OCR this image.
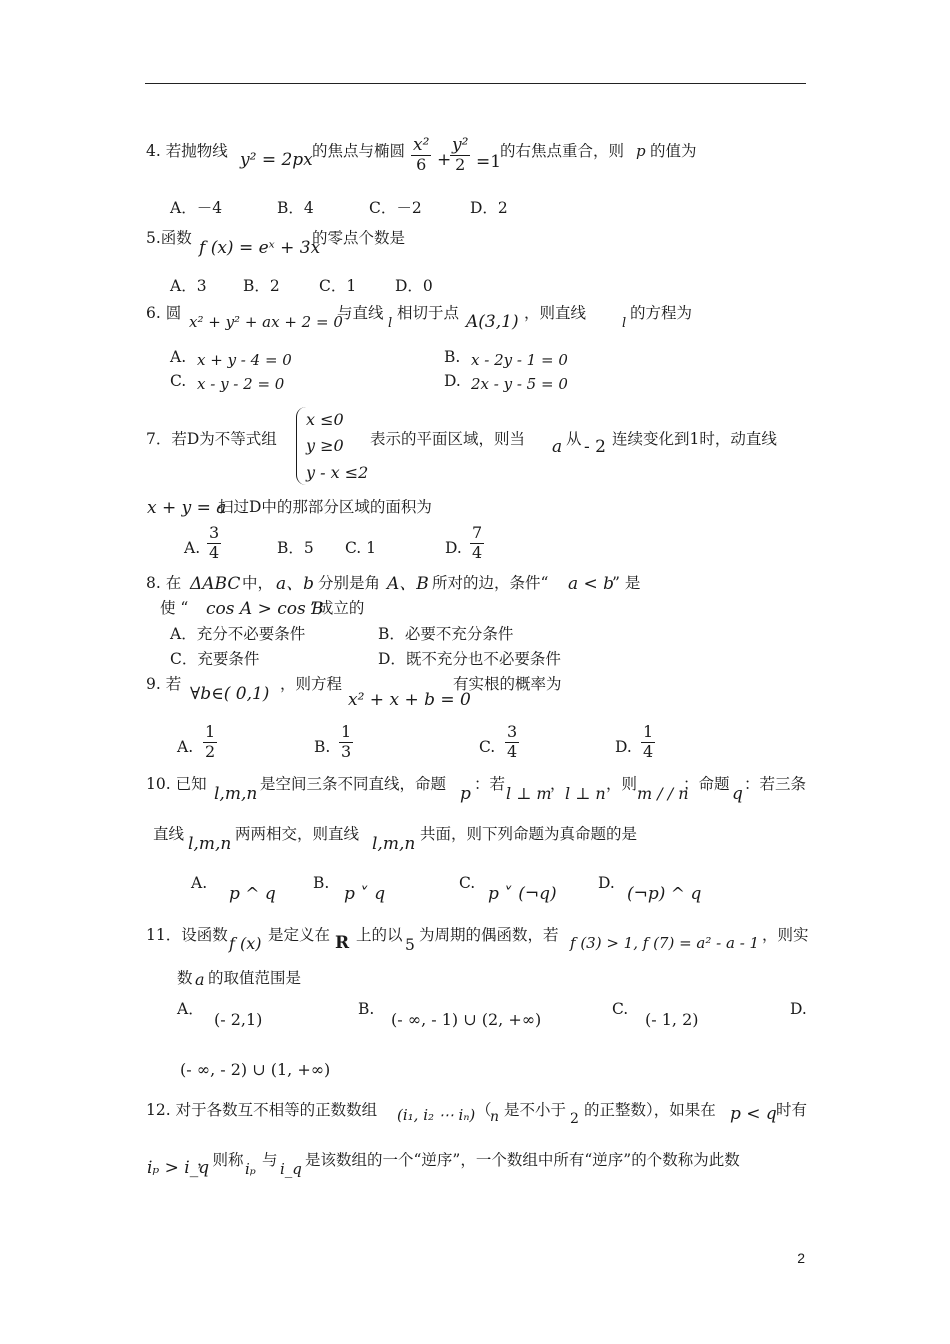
4. 若抛物线 y² = 2px 的焦点与椭圆 x²
6 +
y²
2 =1
的右焦点重合，则 p 的值为
A．－4	B．4	C．－2	D．2
5.函数 f (x) = eˣ + 3x
的零点个数是
A．3 B．2	C．1	D．0
6. 圆 x² + y² + ax + 2 = 0
与直线
l
相切于点 A(3,1) ，则直线
l
的方程为
A. x + y - 4 = 0	B. x - 2y - 1 = 0
C. x - y - 2 = 0	D. 2x - y - 5 = 0
7．若D为不等式组
x ≤0
y ≥0
y - x ≤2
表示的平面区域，则当 a 从 - 2 连续变化到1时，动直线
x + y = a
扫过D中的那部分区域的面积为
A.
3
4	B．5 C. 1	D.
7
4
8. 在 ΔABC 中， a、b 分别是角 A、B 所对的边，条件“ a < b
” 是
使 “ cos A > cos B
”成立的
A．充分不必要条件	B．必要不充分条件
C．充要条件	D．既不充分也不必要条件
9. 若 ∀b∈( 0,1) ，则方程
x² + x + b = 0
有实根的概率为
A.
1
2	B.
1
3	C.
3
4	D.
1
4
10. 已知 l,m,n 是空间三条不同直线，命题 p ：若 l ⊥ m
， l ⊥ n ，则 m / / n
；命题 q ：若三条
直线 l,m,n 两两相交，则直线 l,m,n 共面，则下列命题为真命题的是
A.
p ^ q
B.
p ˅ q
C.
p ˅ (¬q)
D.
(¬p) ^ q
11．设函数 f (x) 是定义在 R 上的以
5
为周期的偶函数，若 f (3) > 1, f (7) = a² - a - 1 ，则实
数 a 的取值范围是
A．
(- 2,1)
B.
(- ∞, - 1) ∪ (2, +∞)
C.
(- 1, 2)
D.
(- ∞, - 2) ∪ (1, +∞)
12. 对于各数互不相等的正数数组 (i₁, i₂ ⋯ iₙ) （
n 是不小于 2 的正整数），如果在 p < q 时有
iₚ > i_q
，则称 iₚ 与 i_q 是该数组的一个“逆序”，一个数组中所有“逆序”的个数称为此数
2
